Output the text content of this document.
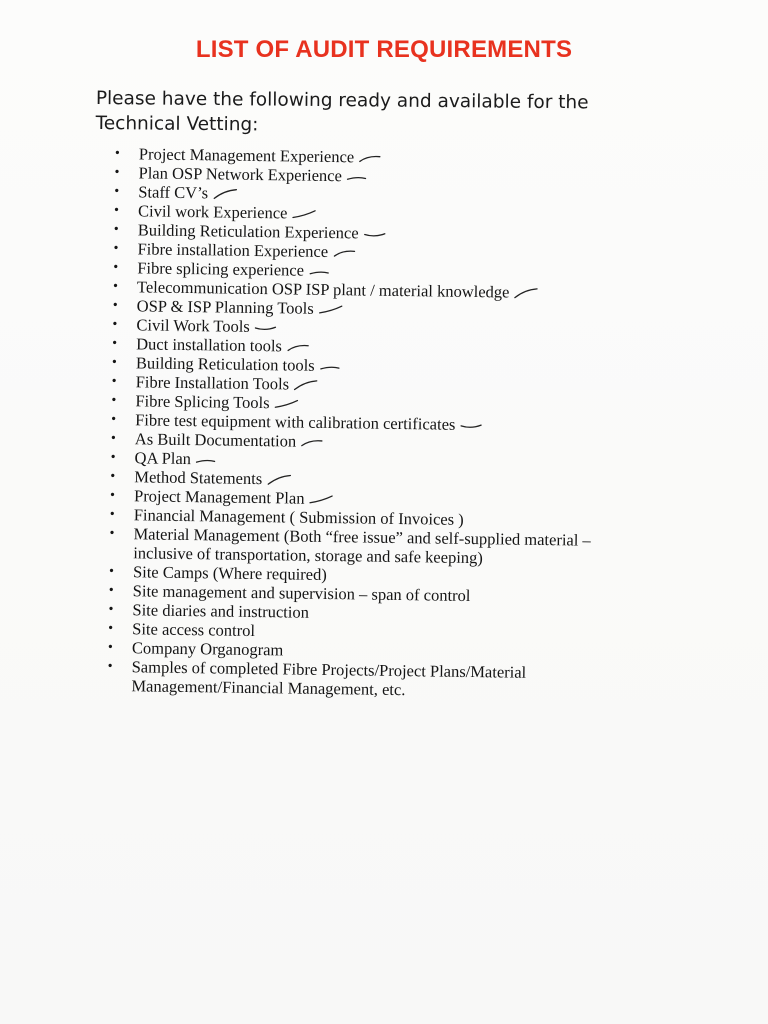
LIST OF AUDIT REQUIREMENTS

Please have the following ready and available for the Technical Vetting:

• Project Management Experience
• Plan OSP Network Experience
• Staff CV’s
• Civil work Experience
• Building Reticulation Experience
• Fibre installation Experience
• Fibre splicing experience
• Telecommunication OSP ISP plant / material knowledge
• OSP & ISP Planning Tools
• Civil Work Tools
• Duct installation tools
• Building Reticulation tools
• Fibre Installation Tools
• Fibre Splicing Tools
• Fibre test equipment with calibration certificates
• As Built Documentation
• QA Plan
• Method Statements
• Project Management Plan
• Financial Management ( Submission of Invoices )
• Material Management (Both “free issue” and self-supplied material – inclusive of transportation, storage and safe keeping)
• Site Camps (Where required)
• Site management and supervision – span of control
• Site diaries and instruction
• Site access control
• Company Organogram
• Samples of completed Fibre Projects/Project Plans/Material Management/Financial Management, etc.
